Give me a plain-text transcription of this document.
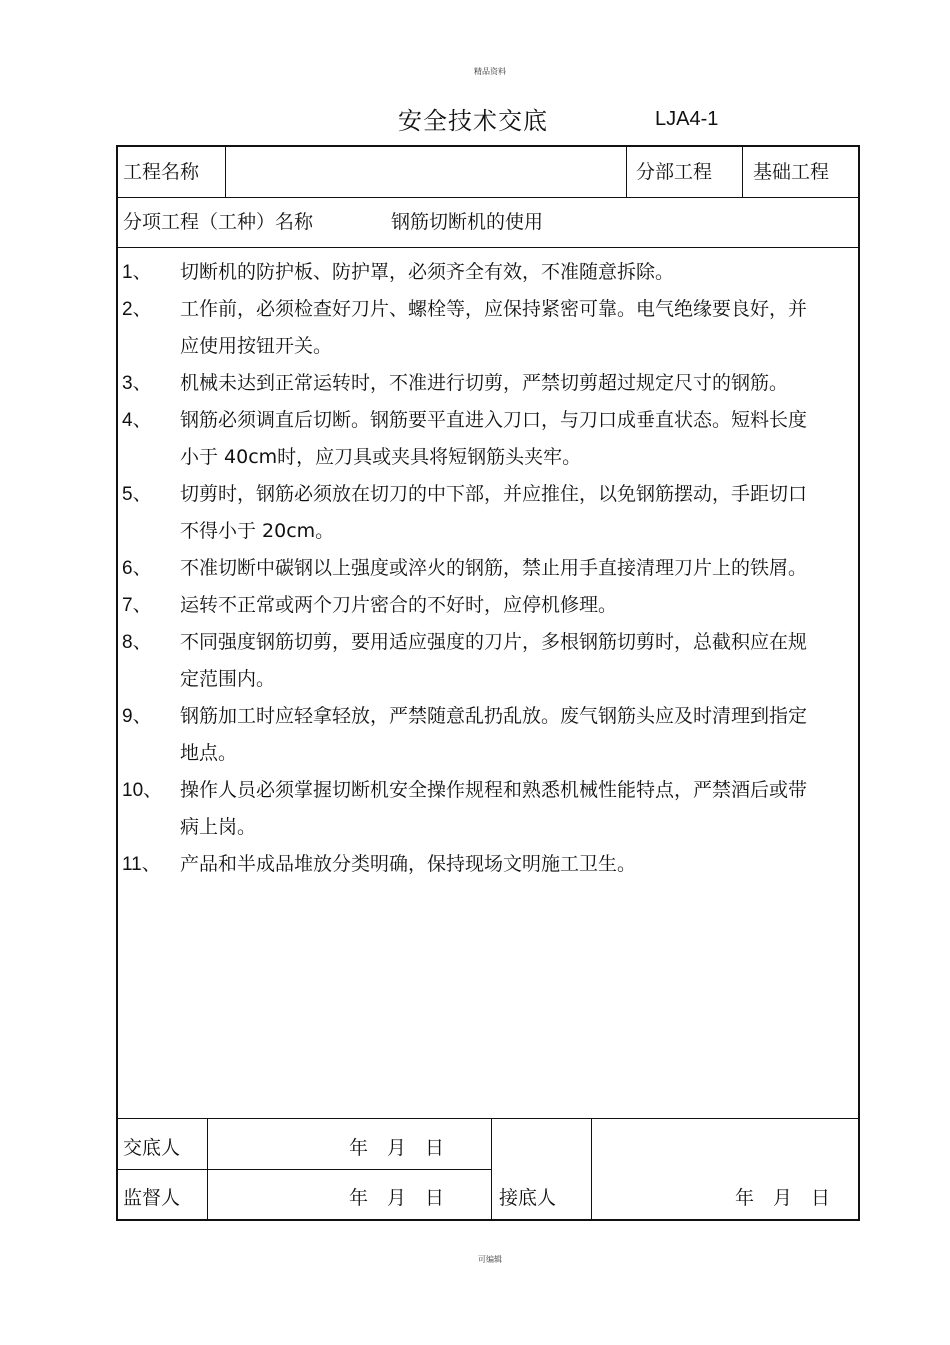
精品资料
安全技术交底	LJA4-1
工程名称	分部工程 基础工程
分项工程（工种）名称	钢筋切断机的使用
1、	切断机的防护板、防护罩，必须齐全有效，不准随意拆除。
2、	工作前，必须检查好刀片、螺栓等，应保持紧密可靠。电气绝缘要良好，并应使用按钮开关。
3、	机械未达到正常运转时，不准进行切剪，严禁切剪超过规定尺寸的钢筋。
4、	钢筋必须调直后切断。钢筋要平直进入刀口，与刀口成垂直状态。短料长度小于 40cm时，应刀具或夹具将短钢筋头夹牢。
5、	切剪时，钢筋必须放在切刀的中下部，并应推住，以免钢筋摆动，手距切口不得小于 20cm。
6、	不准切断中碳钢以上强度或淬火的钢筋，禁止用手直接清理刀片上的铁屑。
7、	运转不正常或两个刀片密合的不好时，应停机修理。
8、	不同强度钢筋切剪，要用适应强度的刀片，多根钢筋切剪时，总截积应在规定范围内。
9、	钢筋加工时应轻拿轻放，严禁随意乱扔乱放。废气钢筋头应及时清理到指定地点。
10、 操作人员必须掌握切断机安全操作规程和熟悉机械性能特点，严禁酒后或带病上岗。
11、	产品和半成品堆放分类明确，保持现场文明施工卫生。
交底人	年　月　日
监督人	年　月　日	接底人	年　月　日
可编辑
